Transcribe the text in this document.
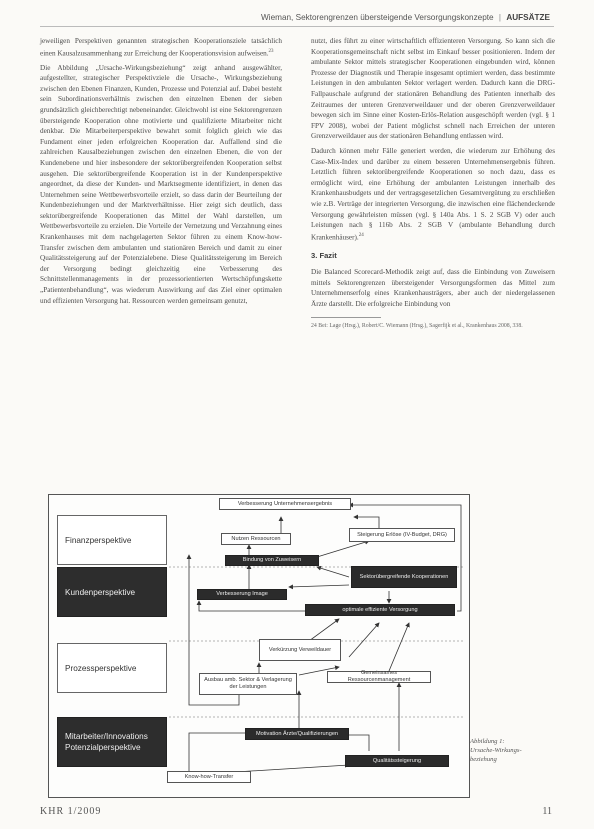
Wieman, Sektorengrenzen übersteigende Versorgungskonzepte | AUFSÄTZE

jeweiligen Perspektiven genannten strategischen Kooperationsziele tatsächlich einen Kausalzusammenhang zur Erreichung der Kooperationsvision aufweisen.$^{23}$

Die Abbildung „Ursache-Wirkungsbeziehung“ zeigt anhand ausgewählter, aufgestellter, strategischer Perspektivziele die Ursache-, Wirkungsbeziehung zwischen den Ebenen Finanzen, Kunden, Prozesse und Potenzial auf. Dabei besteht sein Subordinationsverhältnis zwischen den einzelnen Ebenen der sieben grundsätzlich gleichberechtigt nebeneinander. Gleichwohl ist eine Sektorengrenzen übersteigende Kooperation ohne motivierte und qualifizierte Mitarbeiter nicht denkbar. Die Mitarbeiterperspektive bewahrt somit folglich gleich wie das Fundament einer jeden erfolgreichen Kooperation dar. Auffallend sind die zahlreichen Kausalbeziehungen zwischen den einzelnen Ebenen, die von der Kundenebene und hier insbesondere der sektorübergreifenden Kooperation selbst ausgehen. Die sektorübergreifende Kooperation ist in der Kundenperspektive angeordnet, da diese der Kunden- und Marktsegmente identifiziert, in denen das Unternehmen seine Wettbewerbsvorteile erzielt, so dass darin der Beurteilung der Kundenbeziehungen und der Marktverhältnisse. Hier zeigt sich deutlich, dass sektorübergreifende Kooperationen das Mittel der Wahl darstellen, um Wettbewerbsvorteile zu erzielen. Die Vorteile der Vernetzung und Verzahnung eines Krankenhauses mit dem nachgelagerten Sektor führen zu einem Know-how-Transfer zwischen dem ambulanten und stationären Bereich und damit zu einer Qualitätssteigerung auf der Potenzialebene. Diese Qualitätssteigerung im Bereich der Versorgung bedingt gleichzeitig eine Verbesserung des Schnittstellenmanagements in der prozessorientierten Wertschöpfungskette „Patientenbehandlung“, was wiederum Auswirkung auf das Ziel einer optimalen und effizienten Versorgung hat. Ressourcen werden gemeinsam genutzt,

nutzt, dies führt zu einer wirtschaftlich effizienteren Versorgung. So kann sich die Kooperationsgemeinschaft nicht selbst im Einkauf besser positionieren. Indem der ambulante Sektor mittels strategischer Kooperationen eingebunden wird, können Prozesse der Diagnostik und Therapie insgesamt optimiert werden, dass bestimmte Leistungen in den ambulanten Sektor verlagert werden. Dadurch kann die DRG-Fallpauschale aufgrund der stationären Behandlung des Patienten innerhalb des Zeitraumes der unteren Grenzverweildauer und der oberen Grenzverweildauer bewegen sich im Sinne einer Kosten-Erlös-Relation ausgeschöpft werden (vgl. § 1 FPV 2008), wobei der Patient möglichst schnell nach Erreichen der unteren Grenzverweildauer aus der stationären Behandlung entlassen wird.

Dadurch können mehr Fälle generiert werden, die wiederum zur Erhöhung des Case-Mix-Index und darüber zu einem besseren Unternehmensergebnis führen. Letztlich führen sektorübergreifende Kooperationen so noch dazu, dass es ermöglicht wird, eine Erhöhung der ambulanten Leistungen innerhalb des Krankenhausbudgets und der vertragsgesetzlichen Gesamtvergütung zu erschließen wie z.B. Verträge der integrierten Versorgung, die inzwischen eine flächendeckende Versorgung gewährleisten müssen (vgl. § 140a Abs. 1 S. 2 SGB V) oder auch Leistungen nach § 116b Abs. 2 SGB V (ambulante Behandlung durch Krankenhäuser).$^{24}$

3. Fazit

Die Balanced Scorecard-Methodik zeigt auf, dass die Einbindung von Zuweisern mittels Sektorengrenzen übersteigender Versorgungsformen das Mittel zum Unternehmenserfolg eines Krankenhausträgers, aber auch der niedergelassenen Ärzte darstellt. Die erfolgreiche Einbindung von

24 Bei: Lage (Hrsg.), Robert/C. Wiemann (Hrsg.), Sagerfijk et al., Krankenhaus 2008, 338.
Finanzperspektive
Kundenperspektive
Prozessperspektive
Mitarbeiter/Innovations
Potenzialperspektive
Verbesserung Unternehmensergebnis
Nutzen Ressourcen
Steigerung Erlöse (IV-Budget, DRG)
Bindung von Zuweisern
Sektorübergreifende Kooperationen
Verbesserung Image
optimale effiziente Versorgung
Verkürzung Verweildauer
Gemeinsames Ressourcenmanagement
Ausbau amb. Sektor & Verlagerung der Leistungen
Motivation Ärzte/Qualifizierungen
Qualitätssteigerung
Know-how-Transfer
Abbildung 1:
Ursache-Wirkungs-
beziehung
KHR 1/2009	11
